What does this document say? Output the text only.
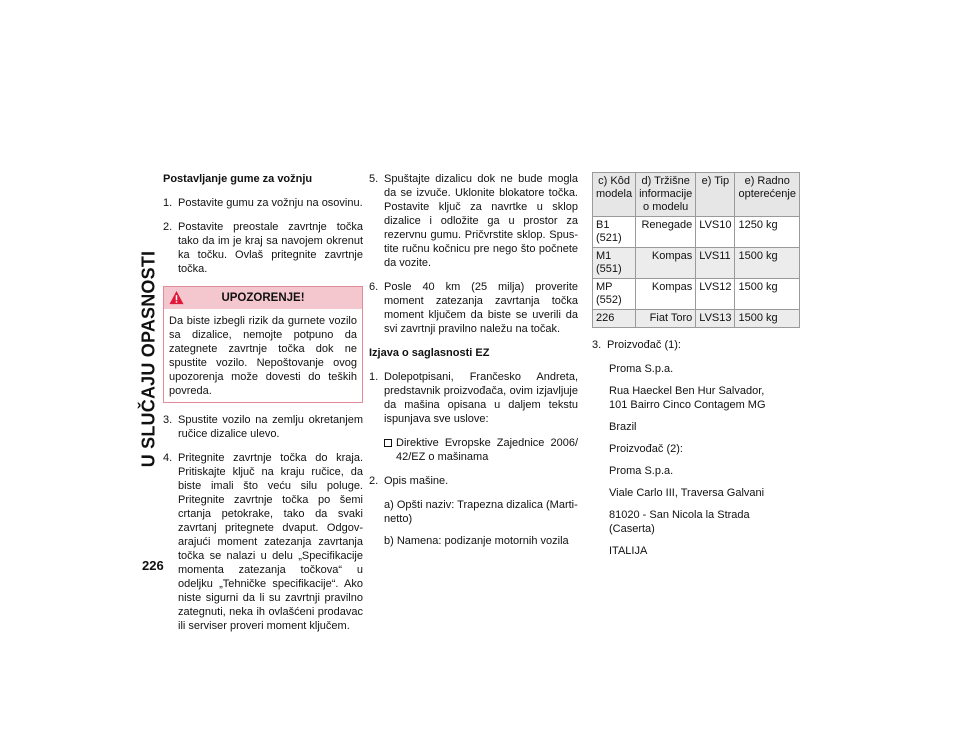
U SLUČAJU OPASNOSTI
226
Postavljanje gume za vožnju
1. Postavite gumu za vožnju na osovinu.
2. Postavite preostale zavrtnje točka tako da im je kraj sa navojem okrenut ka točku. Ovlaš pritegnite zavrtnje točka.
UPOZORENJE!
Da biste izbegli rizik da gurnete vozilo sa dizalice, nemojte potpuno da zategnete zavrtnje točka dok ne spustite vozilo. Nepoštovanje ovog upozorenja može dovesti do teških povreda.
3. Spustite vozilo na zemlju okretanjem ručice dizalice ulevo.
4. Pritegnite zavrtnje točka do kraja. Pritiskajte ključ na kraju ručice, da biste imali što veću silu poluge. Pritegnite zavrtnje točka po šemi crtanja petokrake, tako da svaki zavrtanj pritegnete dvaput. Odgovarajući moment zatezanja zavrtanja točka se nalazi u delu „Specifikacije momenta zatezanja točkova“ u odeljku „Tehničke specifikacije“. Ako niste sigurni da li su zavrtnji pravilno zategnuti, neka ih ovlašćeni prodavac ili serviser proveri moment ključem.
5. Spuštajte dizalicu dok ne bude mogla da se izvuče. Uklonite blokatore točka. Postavite ključ za navrtke u sklop dizalice i odložite ga u prostor za rezervnu gumu. Pričvrstite sklop. Spustite ručnu kočnicu pre nego što počnete da vozite.
6. Posle 40 km (25 milja) proverite moment zatezanja zavrtanja točka moment ključem da biste se uverili da svi zavrtnji pravilno naležu na točak.
Izjava o saglasnosti EZ
1. Dolepotpisani, Frančesko Andreta, predstavnik proizvođača, ovim izjavljuje da mašina opisana u daljem tekstu ispunjava sve uslove:
Direktive Evropske Zajednice 2006/ 42/EZ o mašinama
2. Opis mašine.
a) Opšti naziv: Trapezna dizalica (Martinetto)
b) Namena: podizanje motornih vozila
c) Kôd modela	d) Tržišne informacije o modelu	e) Tip	e) Radno opterećenje
B1 (521)	Renegade	LVS10	1250 kg
M1 (551)	Kompas	LVS11	1500 kg
MP (552)	Kompas	LVS12	1500 kg
226	Fiat Toro	LVS13	1500 kg
3. Proizvođač (1):
Proma S.p.a.
Rua Haeckel Ben Hur Salvador, 101 Bairro Cinco Contagem MG
Brazil
Proizvođač (2):
Proma S.p.a.
Viale Carlo III, Traversa Galvani
81020 - San Nicola la Strada (Caserta)
ITALIJA
